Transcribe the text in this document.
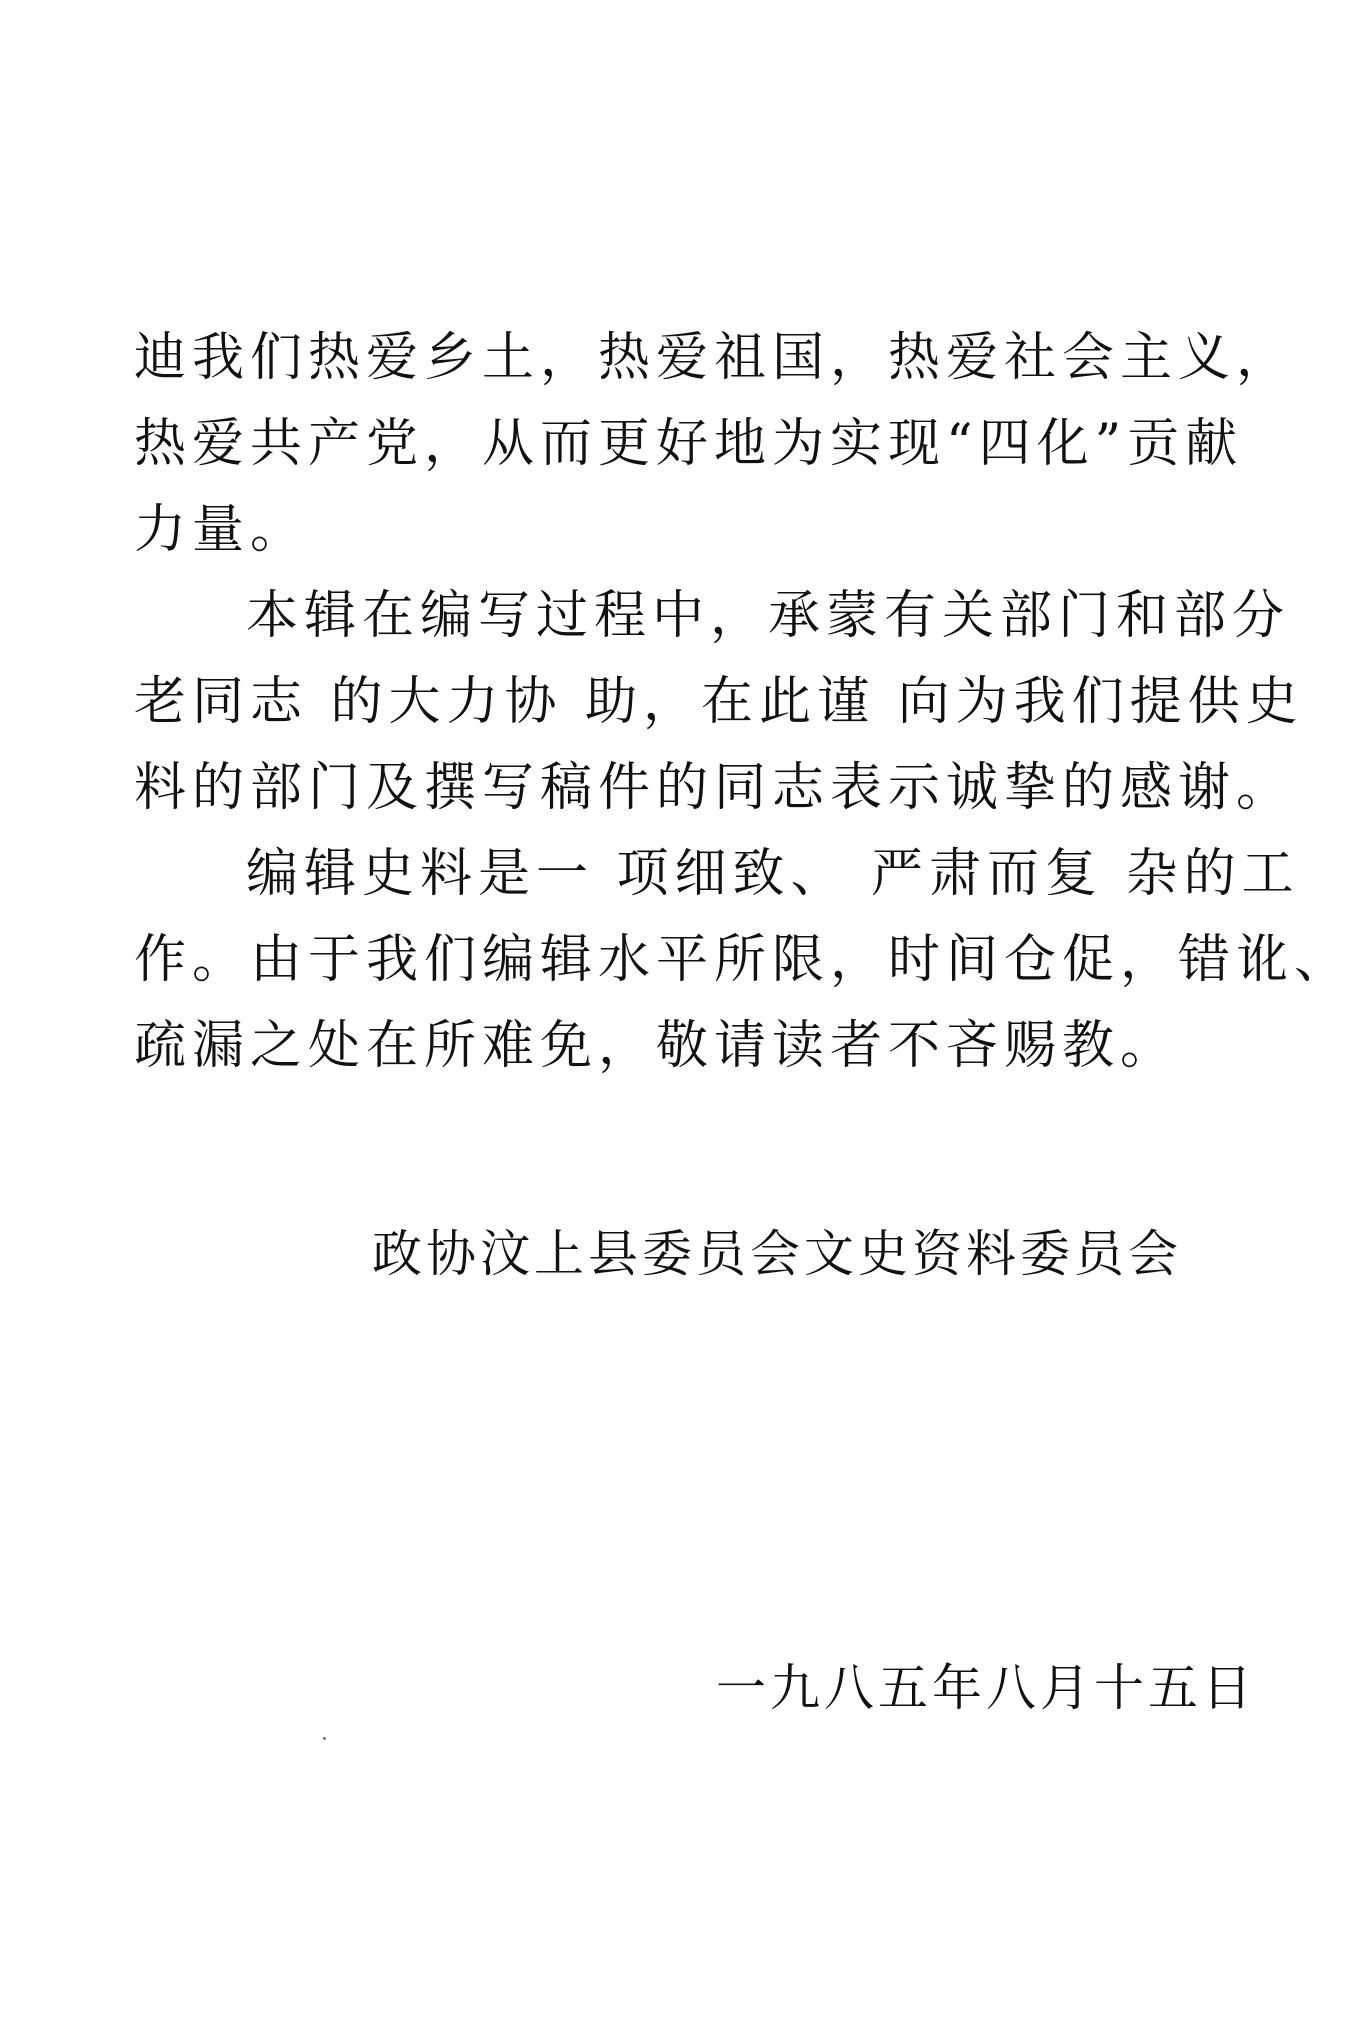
迪我们热爱乡土，热爱祖国，热爱社会主义，
热爱共产党，从而更好地为实现“四化”贡献
力量。
本辑在编写过程中，承蒙有关部门和部分
老同志 的大力协 助，在此谨 向为我们提供史
料的部门及撰写稿件的同志表示诚挚的感谢。
编辑史料是一 项细致、 严肃而复 杂的工
作。由于我们编辑水平所限，时间仓促，错讹、
疏漏之处在所难免，敬请读者不吝赐教。
政协汶上县委员会文史资料委员会
一九八五年八月十五日
